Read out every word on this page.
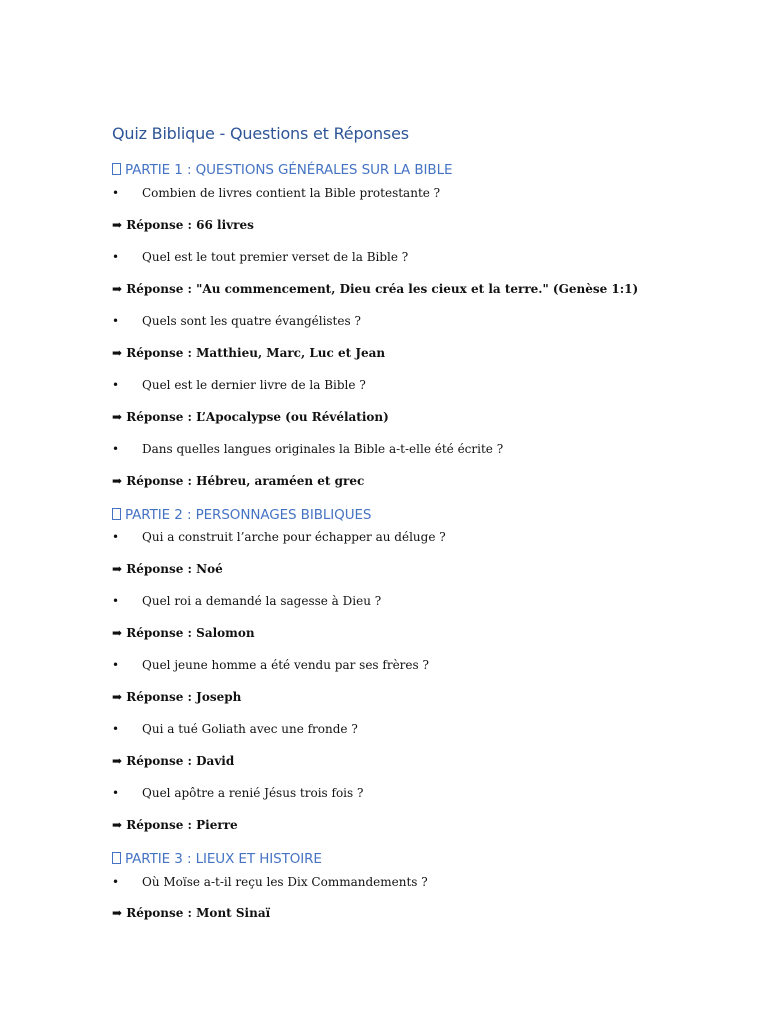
Quiz Biblique - Questions et Réponses
PARTIE 1 : QUESTIONS GÉNÉRALES SUR LA BIBLE
• Combien de livres contient la Bible protestante ?
➡ Réponse : 66 livres
• Quel est le tout premier verset de la Bible ?
➡ Réponse : "Au commencement, Dieu créa les cieux et la terre." (Genèse 1:1)
• Quels sont les quatre évangélistes ?
➡ Réponse : Matthieu, Marc, Luc et Jean
• Quel est le dernier livre de la Bible ?
➡ Réponse : L’Apocalypse (ou Révélation)
• Dans quelles langues originales la Bible a-t-elle été écrite ?
➡ Réponse : Hébreu, araméen et grec
PARTIE 2 : PERSONNAGES BIBLIQUES
• Qui a construit l’arche pour échapper au déluge ?
➡ Réponse : Noé
• Quel roi a demandé la sagesse à Dieu ?
➡ Réponse : Salomon
• Quel jeune homme a été vendu par ses frères ?
➡ Réponse : Joseph
• Qui a tué Goliath avec une fronde ?
➡ Réponse : David
• Quel apôtre a renié Jésus trois fois ?
➡ Réponse : Pierre
PARTIE 3 : LIEUX ET HISTOIRE
• Où Moïse a-t-il reçu les Dix Commandements ?
➡ Réponse : Mont Sinaï
